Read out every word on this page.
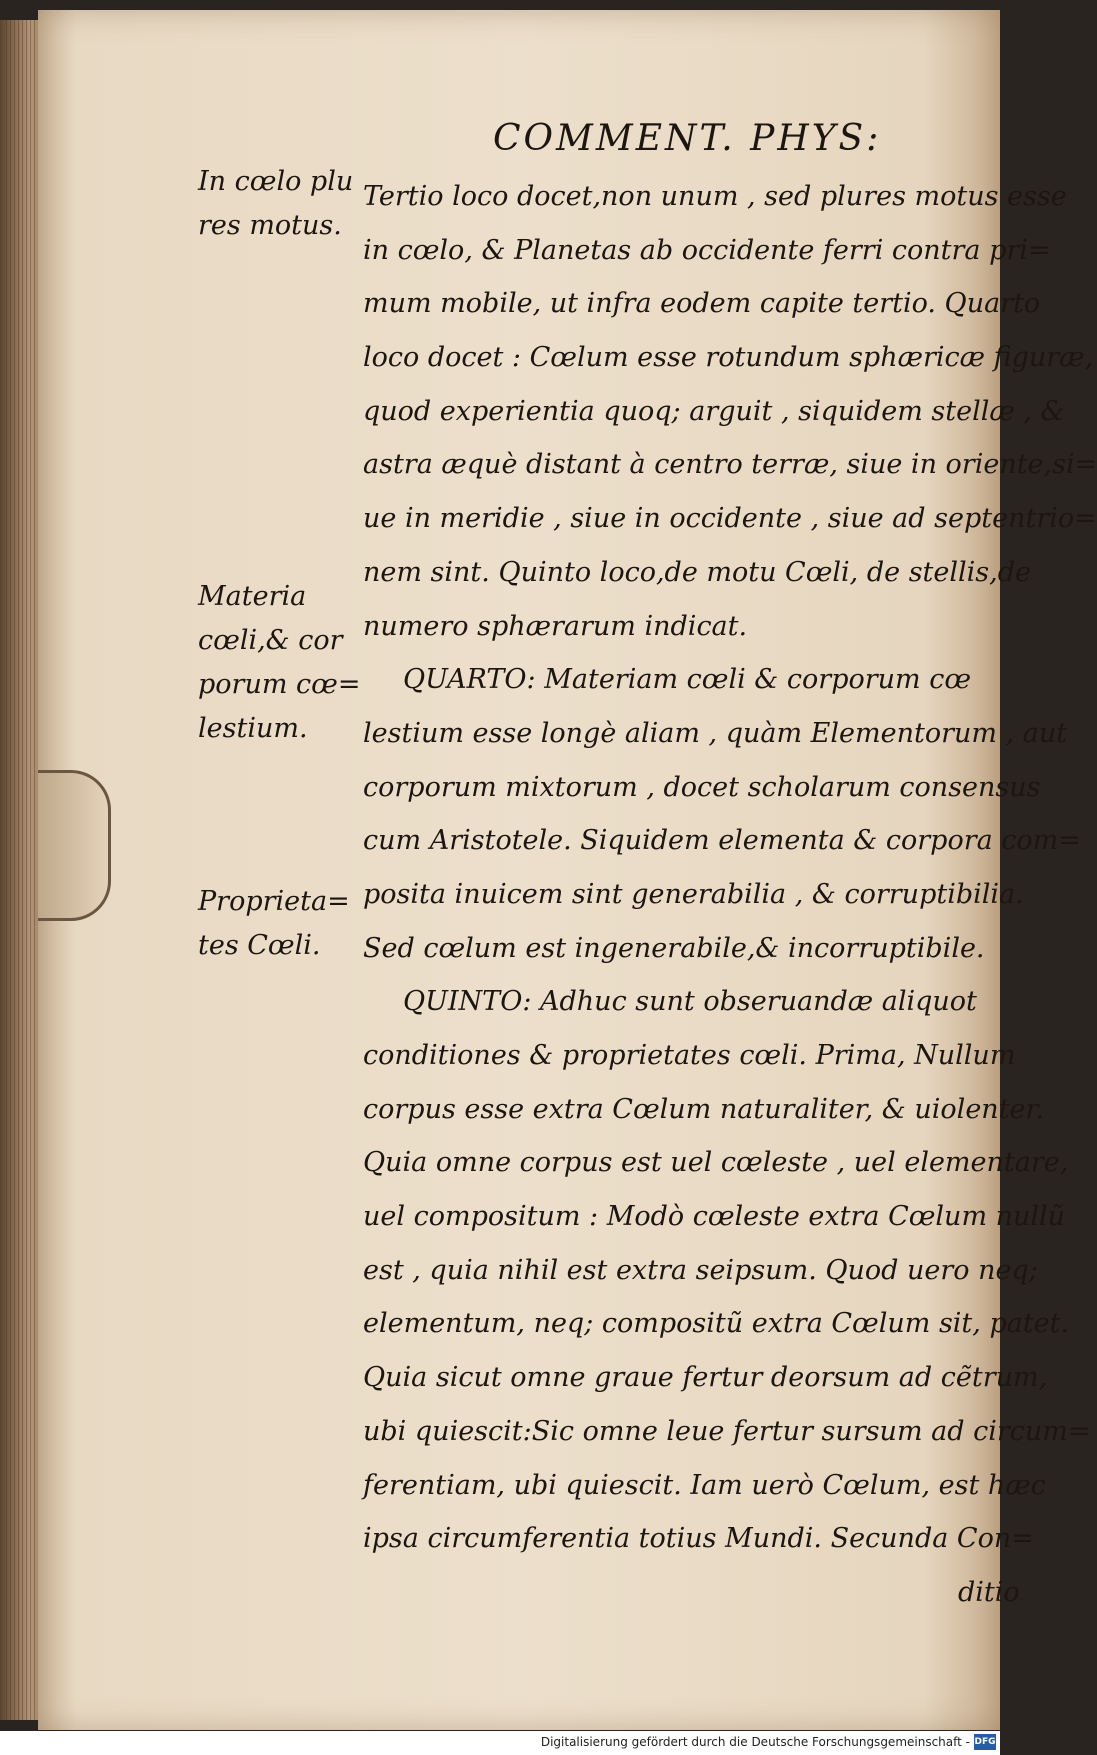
COMMENT. PHYS:
In cœlo plu
res motus.
Materia
cœli,& cor
porum cœ=
lestium.
Proprieta=
tes Cœli.
Tertio loco docet,non unum , sed plures motus esse
in cœlo, & Planetas ab occidente ferri contra pri=
mum mobile, ut infra eodem capite tertio. Quarto
loco docet : Cœlum esse rotundum sphæricæ figuræ,
quod experientia quoq; arguit , siquidem stellæ , &
astra æquè distant à centro terræ, siue in oriente,si=
ue in meridie , siue in occidente , siue ad septentrio=
nem sint. Quinto loco,de motu Cœli, de stellis,de
numero sphærarum indicat.
QUARTO: Materiam cœli & corporum cœ
lestium esse longè aliam , quàm Elementorum , aut
corporum mixtorum , docet scholarum consensus
cum Aristotele. Siquidem elementa & corpora com=
posita inuicem sint generabilia , & corruptibilia.
Sed cœlum est ingenerabile,& incorruptibile.
QUINTO: Adhuc sunt obseruandæ aliquot
conditiones & proprietates cœli. Prima, Nullum
corpus esse extra Cœlum naturaliter, & uiolenter.
Quia omne corpus est uel cœleste , uel elementare,
uel compositum : Modò cœleste extra Cœlum nullũ
est , quia nihil est extra seipsum. Quod uero neq;
elementum, neq; compositũ extra Cœlum sit, patet.
Quia sicut omne graue fertur deorsum ad cẽtrum,
ubi quiescit:Sic omne leue fertur sursum ad circum=
ferentiam, ubi quiescit. Iam uerò Cœlum, est hæc
ipsa circumferentia totius Mundi. Secunda Con=
ditio
Digitalisierung gefördert durch die Deutsche Forschungsgemeinschaft - DFG
